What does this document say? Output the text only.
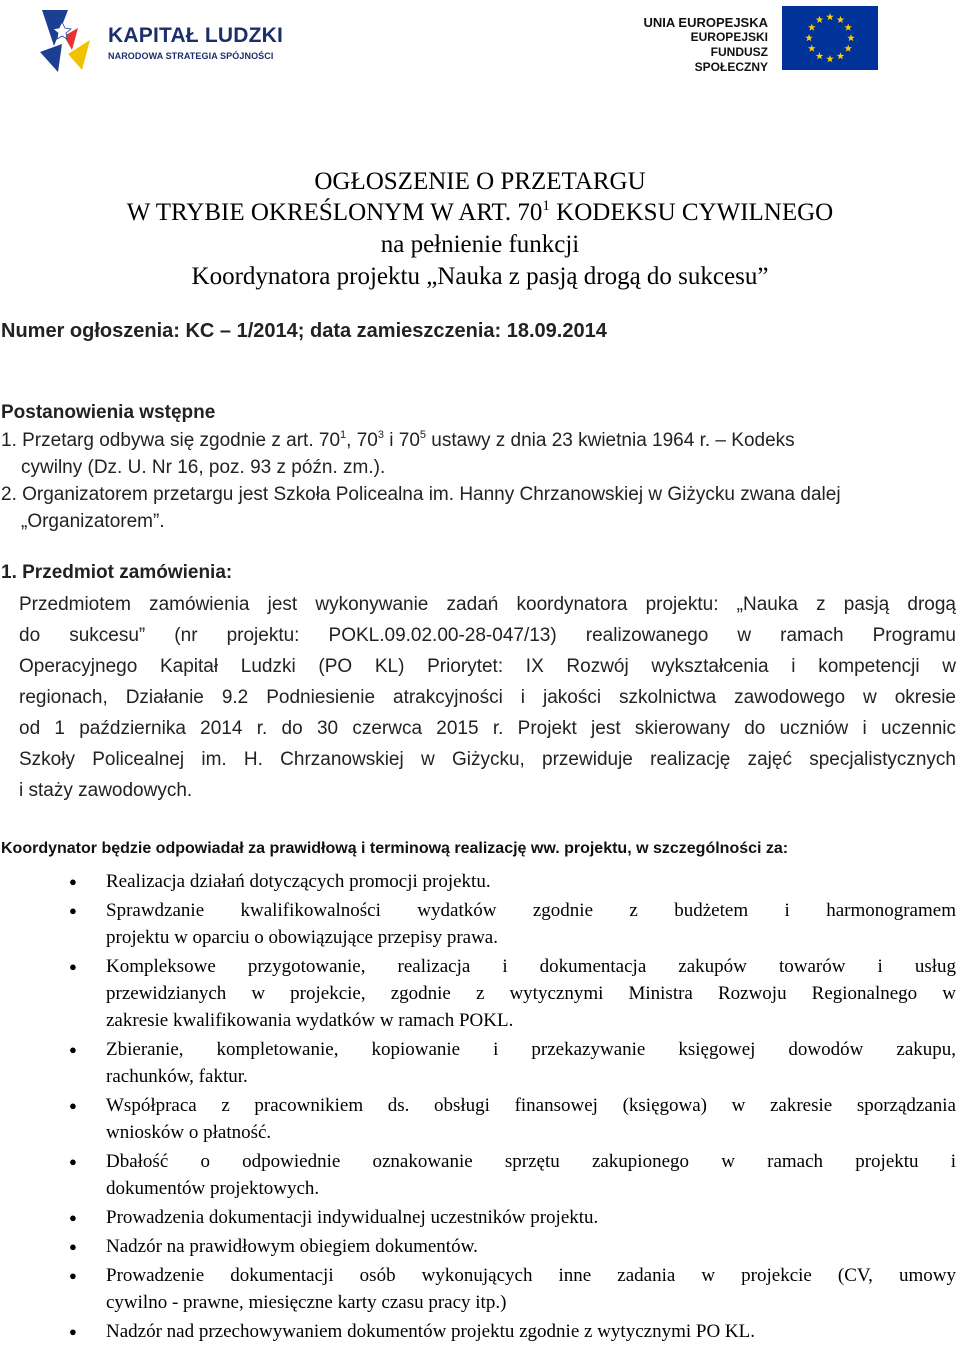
KAPITAŁ LUDZKI
NARODOWA STRATEGIA SPÓJNOŚCI
UNIA EUROPEJSKA
EUROPEJSKI
FUNDUSZ SPOŁECZNY
OGŁOSZENIE O PRZETARGU
W TRYBIE OKREŚLONYM W ART. $70^1$ KODEKSU CYWILNEGO
na pełnienie funkcji
Koordynatora projektu „Nauka z pasją drogą do sukcesu”
Numer ogłoszenia: KC – 1/2014; data zamieszczenia: 18.09.2014
Postanowienia wstępne
1. Przetarg odbywa się zgodnie z art. $70^1$, $70^3$ i $70^5$ ustawy z dnia 23 kwietnia 1964 r. – Kodeks
cywilny (Dz. U. Nr 16, poz. 93 z późn. zm.).
2. Organizatorem przetargu jest Szkoła Policealna im. Hanny Chrzanowskiej w Giżycku zwana dalej
„Organizatorem”.
1. Przedmiot zamówienia:
Przedmiotem zamówienia jest wykonywanie zadań koordynatora projektu: „Nauka z pasją drogą
do sukcesu” (nr projektu: POKL.09.02.00-28-047/13) realizowanego w ramach Programu
Operacyjnego Kapitał Ludzki (PO KL) Priorytet: IX Rozwój wykształcenia i kompetencji w
regionach, Działanie 9.2 Podniesienie atrakcyjności i jakości szkolnictwa zawodowego w okresie
od 1 października 2014 r. do 30 czerwca 2015 r. Projekt jest skierowany do uczniów i uczennic
Szkoły Policealnej im. H. Chrzanowskiej w Giżycku, przewiduje realizację zajęć specjalistycznych
i staży zawodowych.
Koordynator będzie odpowiadał za prawidłową i terminową realizację ww. projektu, w szczególności za:
● Realizacja działań dotyczących promocji projektu.
● Sprawdzanie kwalifikowalności wydatków zgodnie z budżetem i harmonogramem
projektu w oparciu o obowiązujące przepisy prawa.
● Kompleksowe przygotowanie, realizacja i dokumentacja zakupów towarów i usług
przewidzianych w projekcie, zgodnie z wytycznymi Ministra Rozwoju Regionalnego w
zakresie kwalifikowania wydatków w ramach POKL.
● Zbieranie, kompletowanie, kopiowanie i przekazywanie księgowej dowodów zakupu,
rachunków, faktur.
● Współpraca z pracownikiem ds. obsługi finansowej (księgowa) w zakresie sporządzania
wniosków o płatność.
● Dbałość o odpowiednie oznakowanie sprzętu zakupionego w ramach projektu i
dokumentów projektowych.
● Prowadzenia dokumentacji indywidualnej uczestników projektu.
● Nadzór na prawidłowym obiegiem dokumentów.
● Prowadzenie dokumentacji osób wykonujących inne zadania w projekcie (CV, umowy
cywilno - prawne, miesięczne karty czasu pracy itp.)
● Nadzór nad przechowywaniem dokumentów projektu zgodnie z wytycznymi PO KL.
